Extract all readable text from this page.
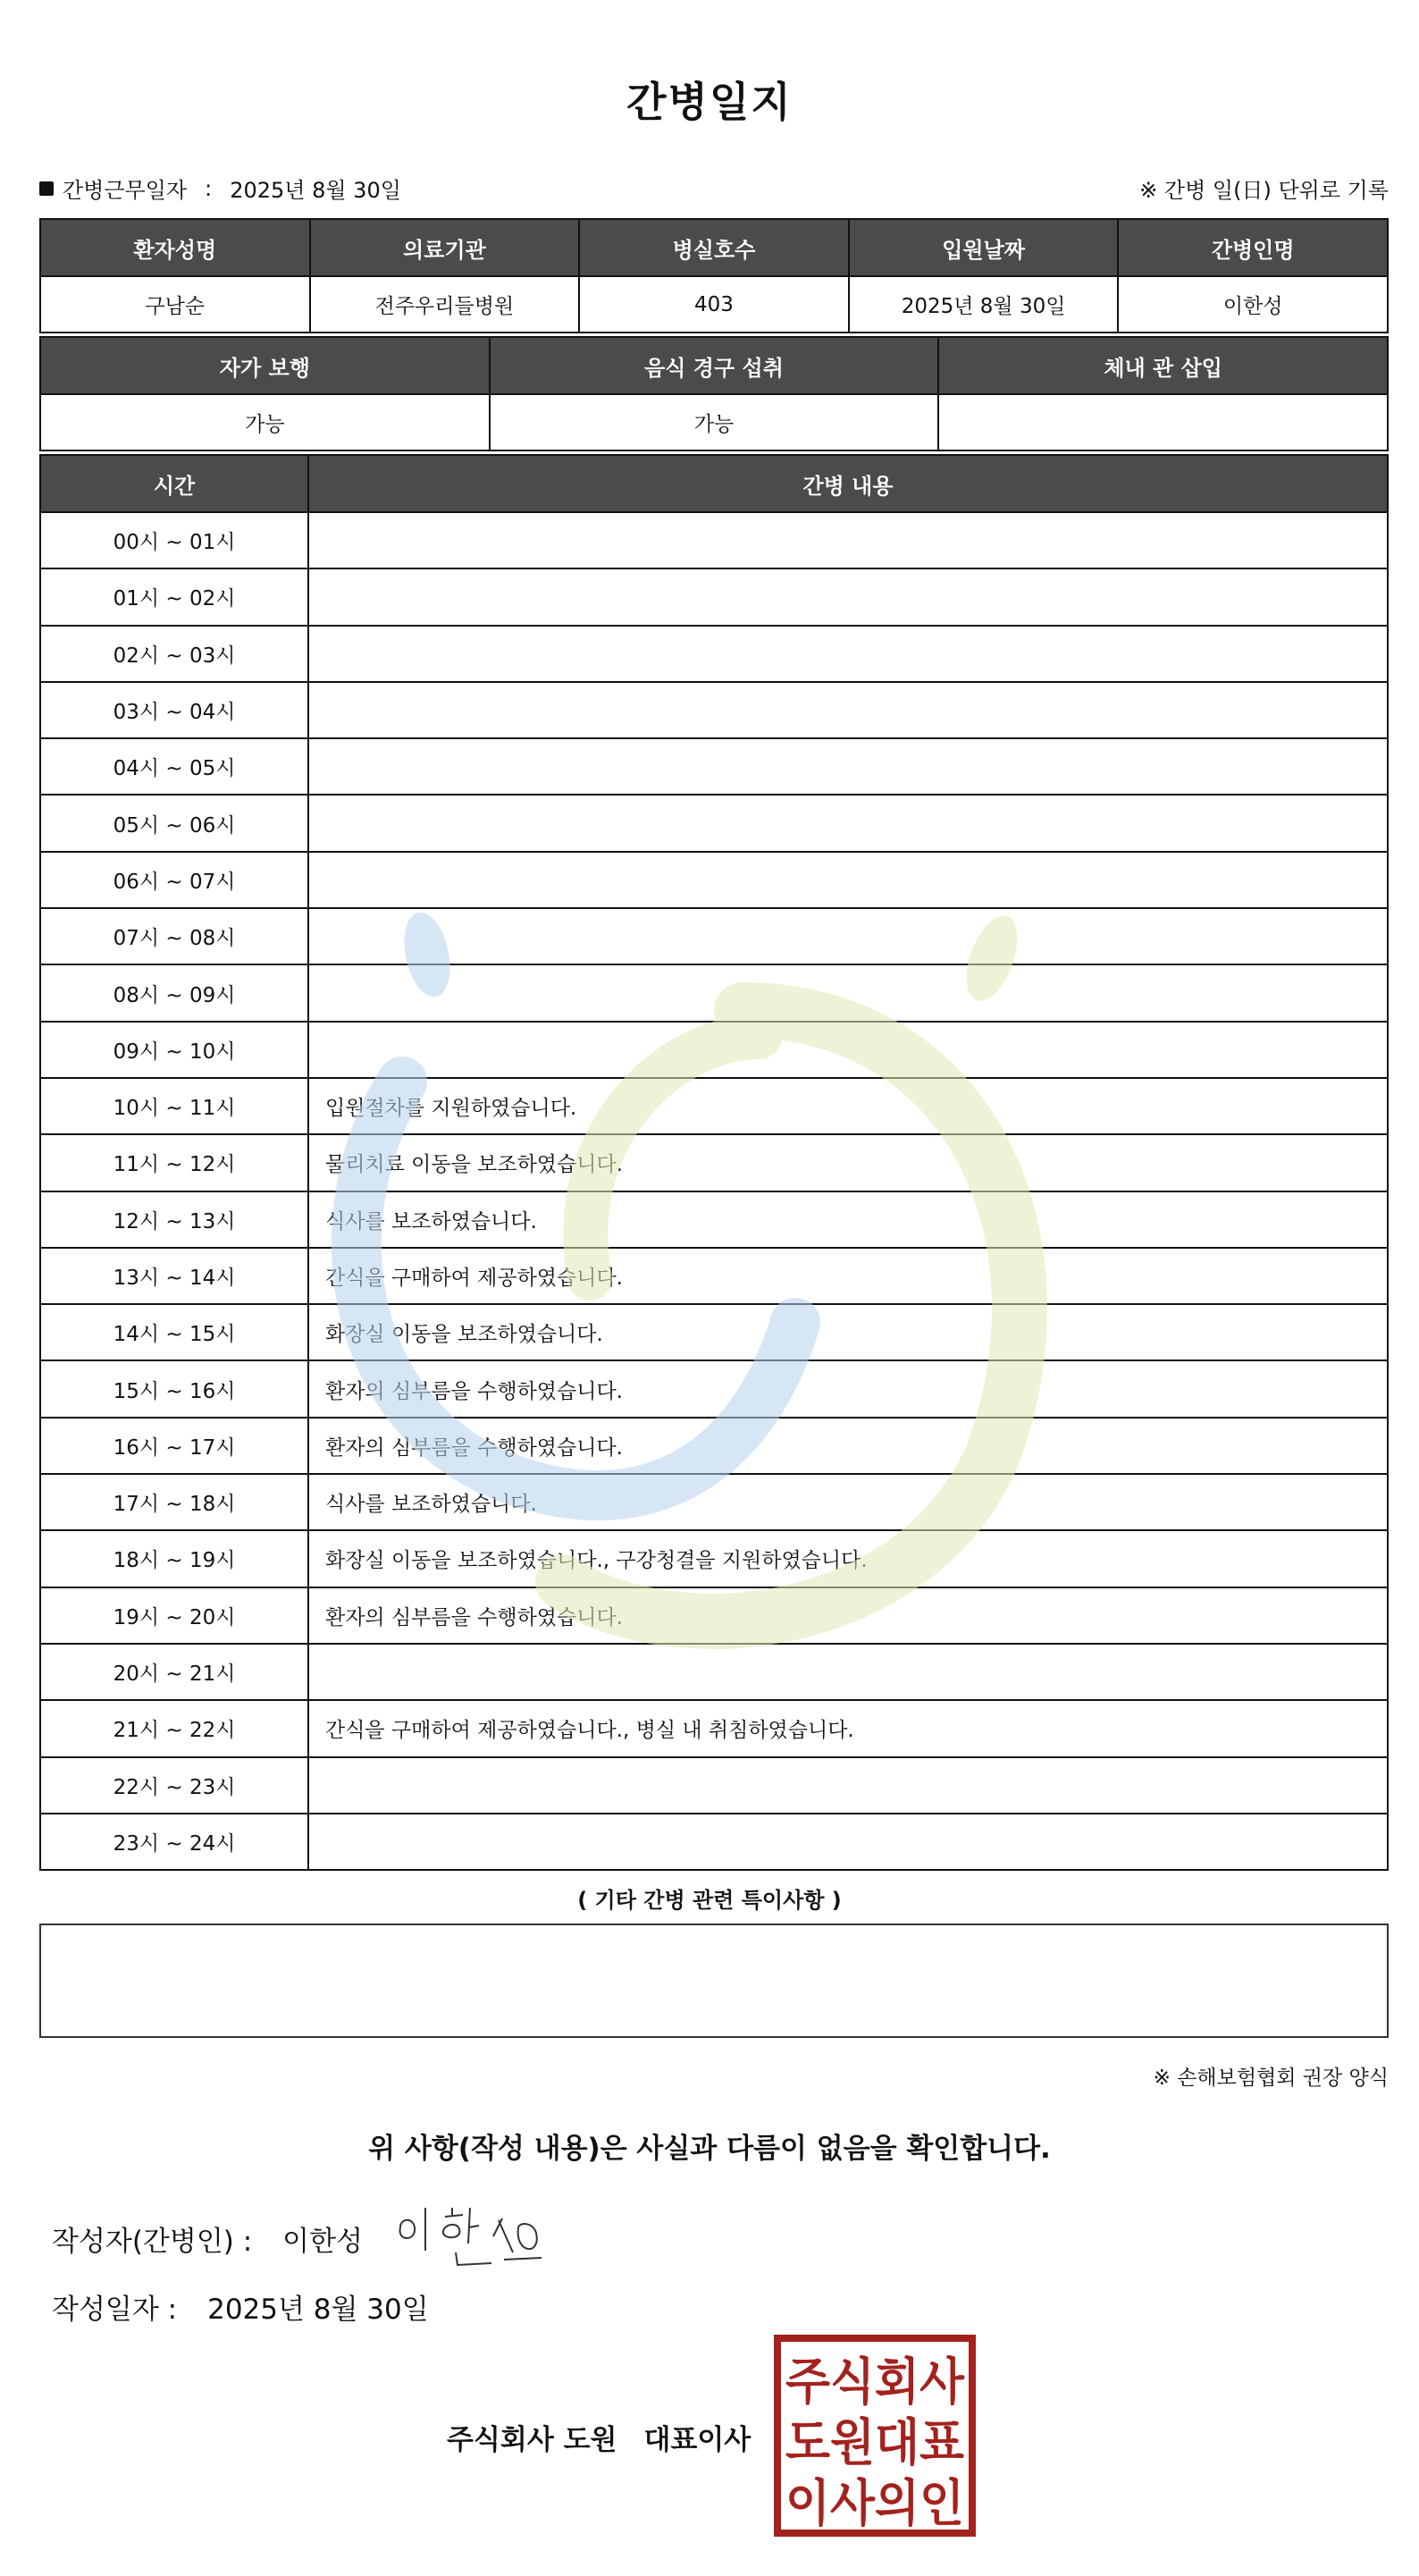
간병일지
간병근무일자 : 2025년 8월 30일	※ 간병 일(日) 단위로 기록
환자성명	의료기관	병실호수	입원날짜	간병인명
구남순	전주우리들병원	403	2025년 8월 30일	이한성
자가 보행	음식 경구 섭취	체내 관 삽입
가능	가능	
시간	간병 내용
00시 ~ 01시	
01시 ~ 02시	
02시 ~ 03시	
03시 ~ 04시	
04시 ~ 05시	
05시 ~ 06시	
06시 ~ 07시	
07시 ~ 08시	
08시 ~ 09시	
09시 ~ 10시	
10시 ~ 11시	입원절차를 지원하였습니다.
11시 ~ 12시	물리치료 이동을 보조하였습니다.
12시 ~ 13시	식사를 보조하였습니다.
13시 ~ 14시	간식을 구매하여 제공하였습니다.
14시 ~ 15시	화장실 이동을 보조하였습니다.
15시 ~ 16시	환자의 심부름을 수행하였습니다.
16시 ~ 17시	환자의 심부름을 수행하였습니다.
17시 ~ 18시	식사를 보조하였습니다.
18시 ~ 19시	화장실 이동을 보조하였습니다., 구강청결을 지원하였습니다.
19시 ~ 20시	환자의 심부름을 수행하였습니다.
20시 ~ 21시	
21시 ~ 22시	간식을 구매하여 제공하였습니다., 병실 내 취침하였습니다.
22시 ~ 23시	
23시 ~ 24시	
( 기타 간병 관련 특이사항 )
※ 손해보험협회 권장 양식
위 사항(작성 내용)은 사실과 다름이 없음을 확인합니다.
작성자(간병인) : 이한성
작성일자 : 2025년 8월 30일
주식회사 도원 대표이사
주식회사
도원대표
이사의인
